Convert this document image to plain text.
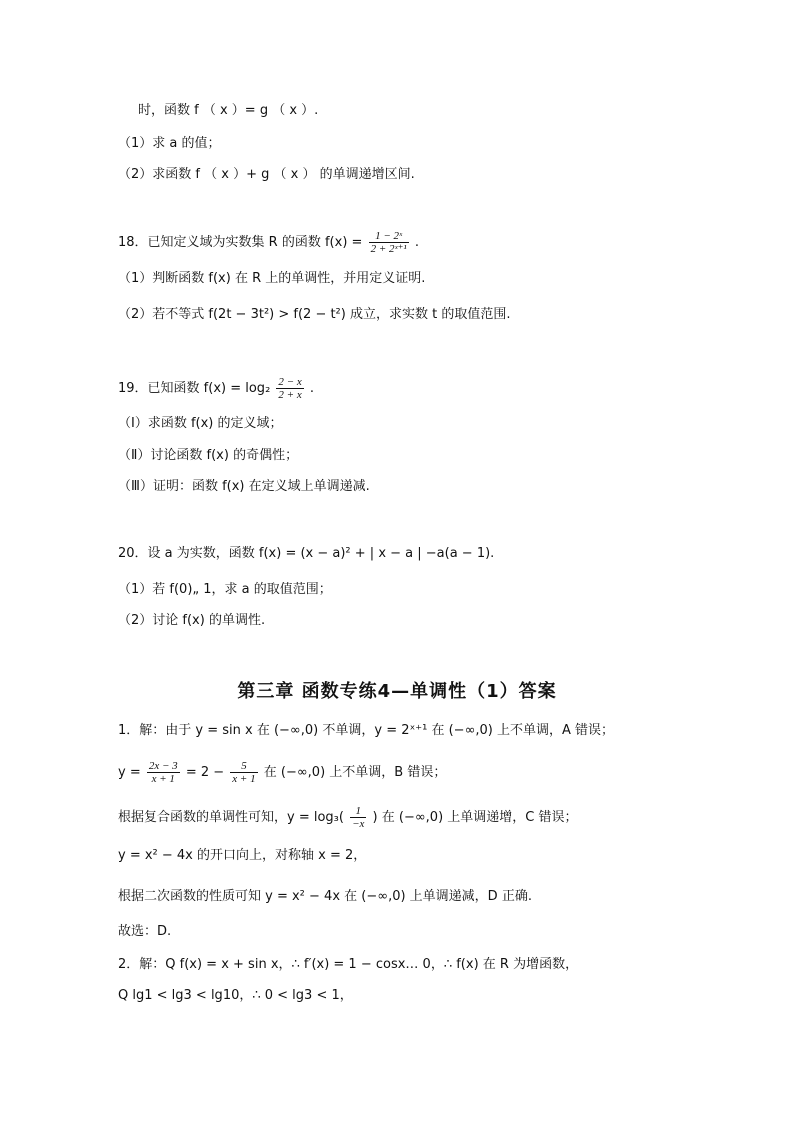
时，函数 f （ x ）= g （ x ）.
（1）求 a 的值；
（2）求函数 f （ x ）+ g （ x ） 的单调递增区间.
18．已知定义域为实数集 R 的函数 $f(x) = \frac{\text{1 − 2ˣ}}{\text{2 + 2ˣ⁺¹}}$ .
（1）判断函数 f(x) 在 R 上的单调性，并用定义证明.
（2）若不等式 f(2t − 3t²) > f(2 − t²) 成立，求实数 t 的取值范围.
19．已知函数 $f(x) = \log_2 \frac{2 - x}{2 + x}$ .
（Ⅰ）求函数 f(x) 的定义域；
（Ⅱ）讨论函数 f(x) 的奇偶性；
（Ⅲ）证明：函数 f(x) 在定义域上单调递减.
20．设 a 为实数，函数 f(x) = (x − a)² + | x − a | −a(a − 1).
（1）若 f(0)„ 1，求 a 的取值范围；
（2）讨论 f(x) 的单调性.
第三章 函数专练4—单调性（1）答案
1．解：由于 y = sin x 在 (−∞,0) 不单调，y = 2ˣ⁺¹ 在 (−∞,0) 上不单调，A 错误；
$y = \frac{2x - 3}{x + 1} = 2 - \frac{5}{x + 1}$ 在 (−∞,0) 上不单调，B 错误；
根据复合函数的单调性可知，$y = \log_3( \frac{1}{-x}$ ) 在 (−∞,0) 上单调递增，C 错误；
y = x² − 4x 的开口向上，对称轴 x = 2，
根据二次函数的性质可知 y = x² − 4x 在 (−∞,0) 上单调递减，D 正确.
故选：D.
2．解：Q f(x) = x + sin x，∴ f′(x) = 1 − cosx… 0，∴ f(x) 在 R 为增函数，
Q lg1 < lg3 < lg10，∴ 0 < lg3 < 1，
